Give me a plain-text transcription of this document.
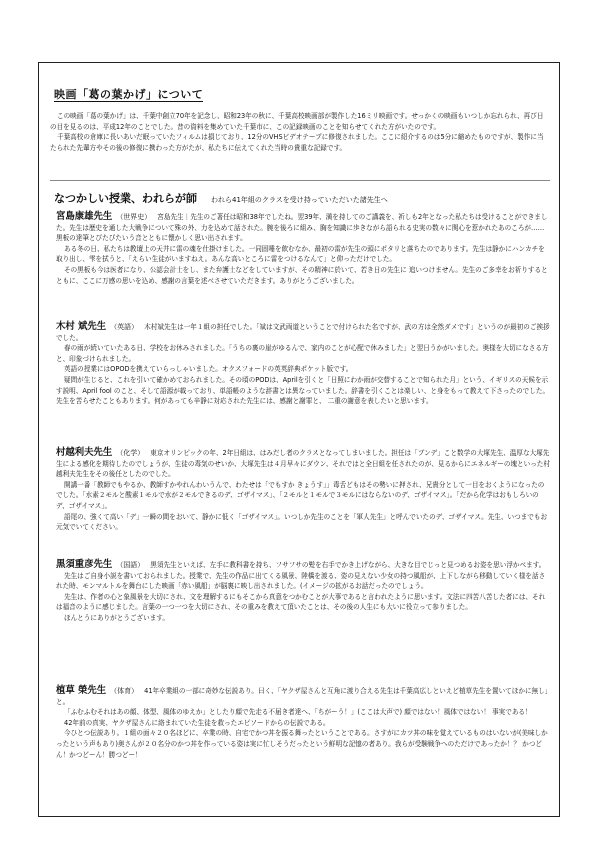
映画「葛の葉かげ」について

この映画「葛の葉かげ」は、千葉中創立70年を記念し、昭和23年の秋に、千葉高校映画部が製作した16ミリ映画です。せっかくの映画もいつしか忘れられ、再び日の目を見るのは、平成12年のことでした。昔の資料を集めていた千葉市に、この記録映画のことを知らせてくれた方がいたのです。

千葉高校の倉庫に長いあいだ眠っていたフィルムは損じており、12分のVHSビデオテープに修復されました。ここに紹介するのは5分に縮めたものですが、製作に当たられた先輩方やその後の修復に携わった方がたが、私たちに伝えてくれた当時の貴重な記録です。

なつかしい授業、われらが師 われら41年組のクラスを受け持っていただいた諸先生へ

宮島康雄先生 （世界史） 宮島先生｜先生のご著任は昭和38年でしたね。翌39年、満を持してのご講義を、祈しも2年となった私たちは受けることができました。先生は歴史を通した大戦争について殊の外、力を込めて話された。腕を後ろに組み、胸を知識に歩きながら語られる史実の数々に関心を惹かれたあのころが…… 黒板の達筆とびたびたいう音とともに懐かしく思い出されます。

ある冬の日、私たちは教壇上の天井に雷の魂を仕掛けました。一同固唾を飲むなか、最初の雷が先生の頭にポタリと落ちたのであります。先生は静かにハンカチを取り出し、雫を拭うと、「えらい生徒がいますねえ。あんな高いところに雷をつけるなんて」と仰っただけでした。

その黒板も今は医者になり、公認会計士をし、また弁護士などをしていますが、その精神に於いて、若き日の先生に 追いつけません。先生のご多幸をお祈りするとともに、ここに万感の思いを込め、感謝の言葉を述べさせていただきます。ありがとうございました。

木村 斌先生 （英語） 木村斌先生は一年１組の担任でした。「斌は文武両道ということで付けられた名ですが、武の方は全然ダメです」というのが最初のご挨拶でした。

春の雨が続いていたある日、学校をお休みされました。「うちの裏の崖がゆるんで、家内のことが心配で休みました」と翌日うかがいました。奥様を大切になさる方と、印象づけられました。

英語の授業にはOPODを携えていらっしゃいました。オクスフォードの英英辞典ポケット版です。

疑問が生じると、これを引いて確かめておられました。その頃のPODは、Aprilを引くと「日照にわか雨が交替することで知られた月」という、イギリスの天候を示す説明、April fool のこと、そして語源が載っており、単語帳のような辞書とは異なっていました。辞書を引くことは楽しい、と身をもって教えて下さったのでした。先生を苦らせたこともあります。何があっても辛静に対応された先生には、感謝と謝罪と、 二重の謝意を表したいと思います。

村越利夫先生 （化学） 東京オリンピックの年、2年日組は、はみだし者のクラスとなってしまいました。担任は「ブンデ」こと数学の大塚先生、温厚な大塚先生による感化を期待したのでしょうが、生徒の毒気のせいか、大塚先生は４月早々にダウン、それではと全日組を任されたのが、見るからにエネルギーの塊といった村越利夫先生をその後任としたのでした。

開講一番「教師でもやるか、教師すかやれんわいうんで、わたせは「でもすか きょうす」」毒舌どもはその勢いに押され、兄貴分として一目をおくようになったのでした。「水素２モルと酸素１モルで水が２モルできるのデ、ゴザイマス」、「２モルと１モルで３モルにはならないのデ、ゴザイマス」。「だから化学はおもしろいのデ、ゴザイマス」。

語尾の、強くて高い「デ」一瞬の間をおいて、静かに低く「ゴザイマス」。いつしか先生のことを「軍人先生」と呼んでいたのデ、ゴザイマス。先生、いつまでもお元気でいてください。

黒須重彦先生 （国語） 黒須先生といえば、左手に教科書を持ち、フサフサの髪を右手でかき上げながら、大きな目でじっと見つめるお姿を思い浮かべます。

先生はご自身小説を書いておられました。授業で、先生の作品に出てくる風景、陸橋を渡る、姿の見えない少女の持つ風船が、上下しながら移動していく様を話された時、モンマルトルを舞台にした映画「赤い風船」が脳裏に映し出されました。(イメージの拡がるお話だったのでしょう。

先生は、作者の心と象風景を大切にされ、文を理解するにもそこから真意をつかむことが大事であると言われたように思います。文法に四苦八苦した者には、それは福音のように感じました。言葉の一つ一つを大切にされ、その重みを教えて頂いたことは、その後の人生にも大いに役立って参りました。

ほんとうにありがとうございます。

植草 榮先生 （体育） 41年卒業組の一部に奇妙な伝説あり。曰く、「ヤクザ屋さんと互角に渡り合える先生は千葉高広しといえど植草先生を置いてほかに無し」と。

「ふむふむそれはあの顔、体型、風体のゆえか」としたり顔で先走る不届き者達へ、「ちがーう！」(ここは大声で) 顔ではない！風体ではない！ 事実である！

42年前の真実、ヤクザ屋さんに絡まれていた生徒を救ったエピソードからの伝説である。

今ひとつ伝説あり。１組の面々２０名ほどに、卒業の時、自宅でかつ丼を振る舞ったということである。さすがにカツ丼の味を覚えているものはいないが(美味しかったという声もあり)奥さんが２０名分のかつ丼を作っている姿は実に忙しそうだったという鮮明な記憶の者あり。我らが受験戦争へのただけであったか！？ かつどん！かつどーん！勝つどー！
